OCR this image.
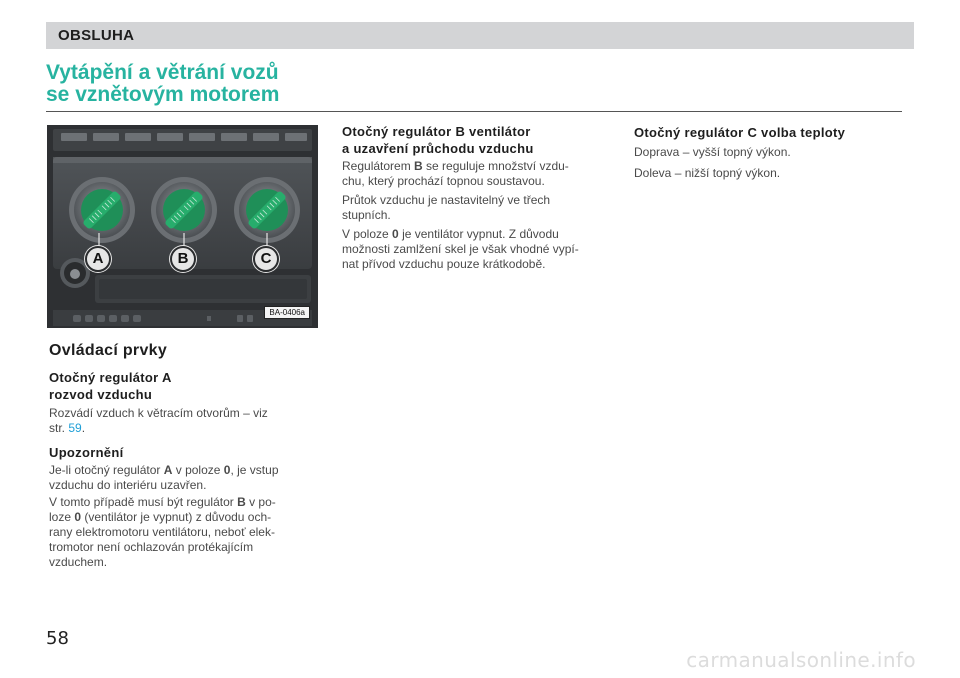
OBSLUHA
Vytápění a větrání vozů
se vznětovým motorem
A	B	C
BA-0406a
Ovládací prvky
Otočný regulátor A
rozvod vzduchu

Rozvádí vzduch k větracím otvorům – viz
str. 59.

Upozornění

Je-li otočný regulátor A v poloze 0, je vstup
vzduchu do interiéru uzavřen.

V tomto případě musí být regulátor B v po-
loze 0 (ventilátor je vypnut) z důvodu och-
rany elektromotoru ventilátoru, neboť elek-
tromotor není ochlazován protékajícím
vzduchem.

Otočný regulátor B ventilátor
a uzavření průchodu vzduchu

Regulátorem B se reguluje množství vzdu-
chu, který prochází topnou soustavou.

Průtok vzduchu je nastavitelný ve třech
stupních.

V poloze 0 je ventilátor vypnut. Z důvodu
možnosti zamlžení skel je však vhodné vypí-
nat přívod vzduchu pouze krátkodobě.

Otočný regulátor C volba teploty

Doprava – vyšší topný výkon.
Doleva – nižší topný výkon.

58
carmanualsonline.info
